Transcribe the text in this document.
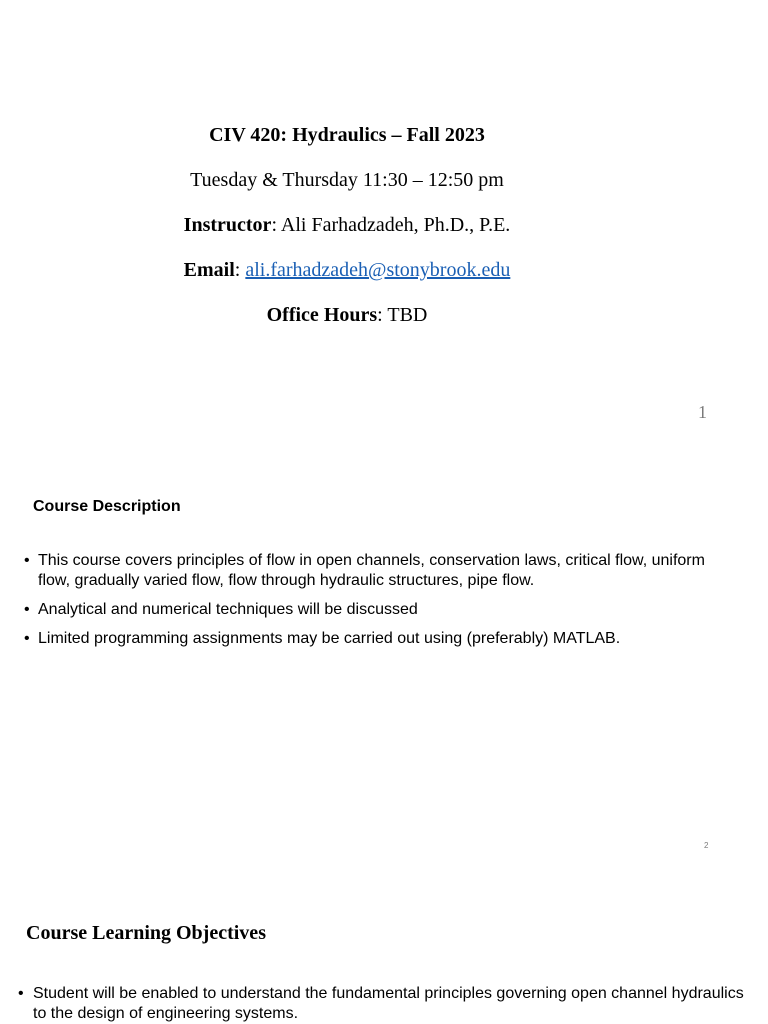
CIV 420: Hydraulics – Fall 2023
Tuesday & Thursday 11:30 – 12:50 pm
Instructor: Ali Farhadzadeh, Ph.D., P.E.
Email: ali.farhadzadeh@stonybrook.edu
Office Hours: TBD
1
Course Description
• This course covers principles of flow in open channels, conservation laws, critical flow, uniform flow, gradually varied flow, flow through hydraulic structures, pipe flow.
• Analytical and numerical techniques will be discussed
• Limited programming assignments may be carried out using (preferably) MATLAB.
2
Course Learning Objectives
• Student will be enabled to understand the fundamental principles governing open channel hydraulics to the design of engineering systems.
